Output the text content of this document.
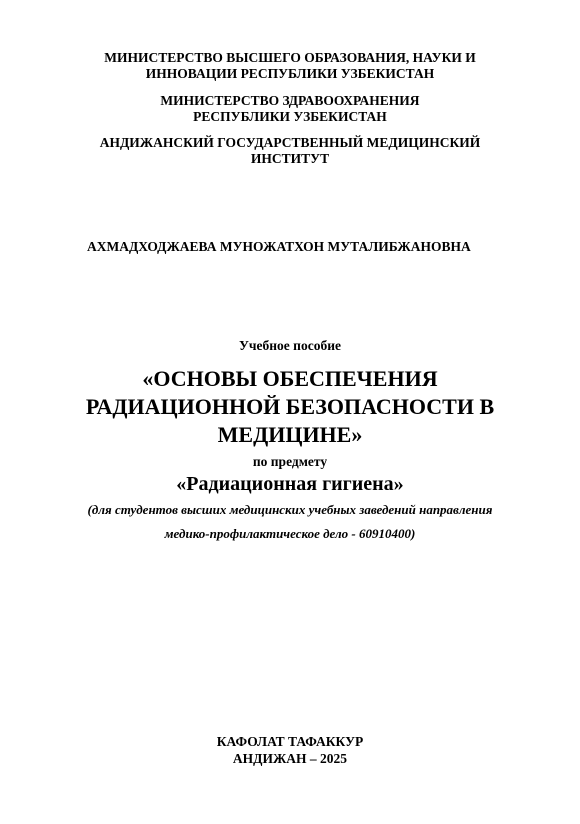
МИНИСТЕРСТВО ВЫСШЕГО ОБРАЗОВАНИЯ, НАУКИ И
ИННОВАЦИИ РЕСПУБЛИКИ УЗБЕКИСТАН
МИНИСТЕРСТВО ЗДРАВООХРАНЕНИЯ
РЕСПУБЛИКИ УЗБЕКИСТАН
АНДИЖАНСКИЙ ГОСУДАРСТВЕННЫЙ МЕДИЦИНСКИЙ
ИНСТИТУТ
АХМАДХОДЖАЕВА МУНОЖАТХОН МУТАЛИБЖАНОВНА
Учебное пособие
«ОСНОВЫ ОБЕСПЕЧЕНИЯ
РАДИАЦИОННОЙ БЕЗОПАСНОСТИ В
МЕДИЦИНЕ»
по предмету
«Радиационная гигиена»
(для студентов высших медицинских учебных заведений направления
медико-профилактическое дело - 60910400)
КАФОЛАТ ТАФАККУР
АНДИЖАН – 2025
